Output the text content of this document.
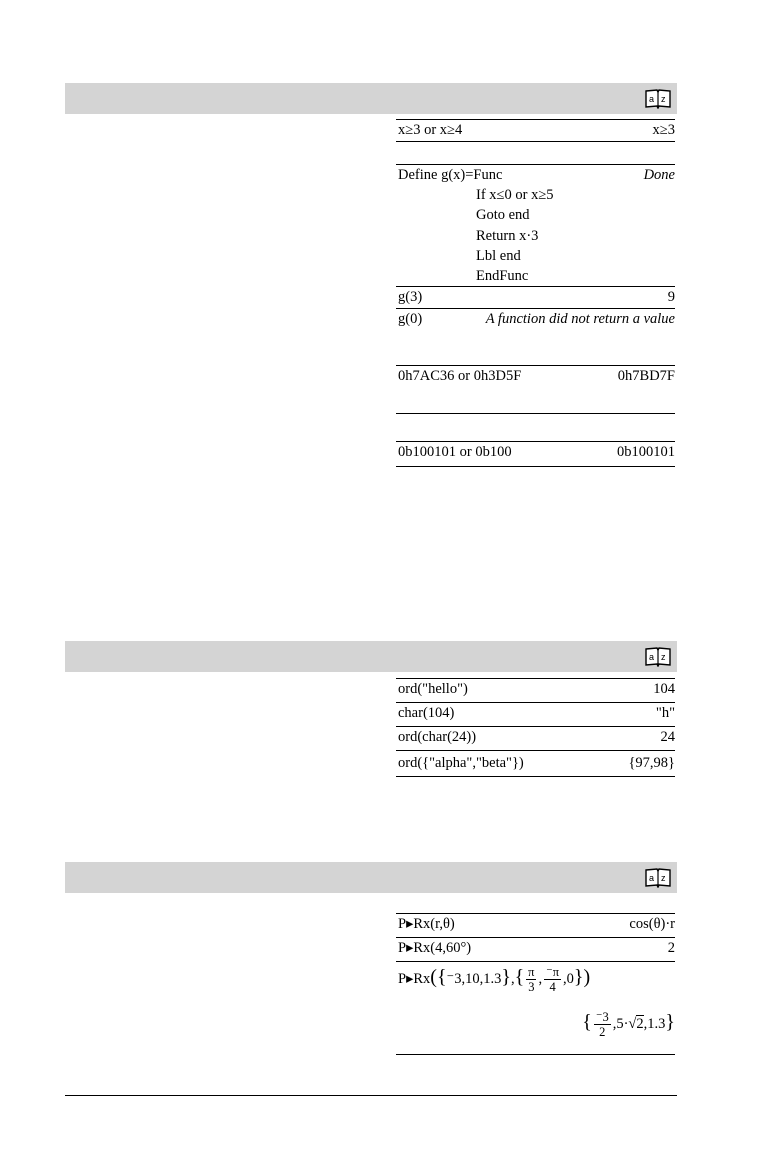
a z
x≥3 or x≥4	x≥3
Define g(x)=Func	Done
If x≤0 or x≥5
Goto end
Return x·3
Lbl end
EndFunc
g(3)	9
g(0)	A function did not return a value
0h7AC36 or 0h3D5F	0h7BD7F
0b100101 or 0b100	0b100101
a z
ord("hello")	104
char(104)	"h"
ord(char(24))	24
ord({"alpha","beta"})	{97,98}
a z
P▸Rx(r,θ)	cos(θ)·r
P▸Rx(4,60°)	2
P▸Rx({⁻3,10,1.3},{ $\frac{\pi}{3}$ , $\frac{^-\pi}{4} ,0$})
{ $\frac{^-3}{2} ,5\cdot√2,1.3$}
